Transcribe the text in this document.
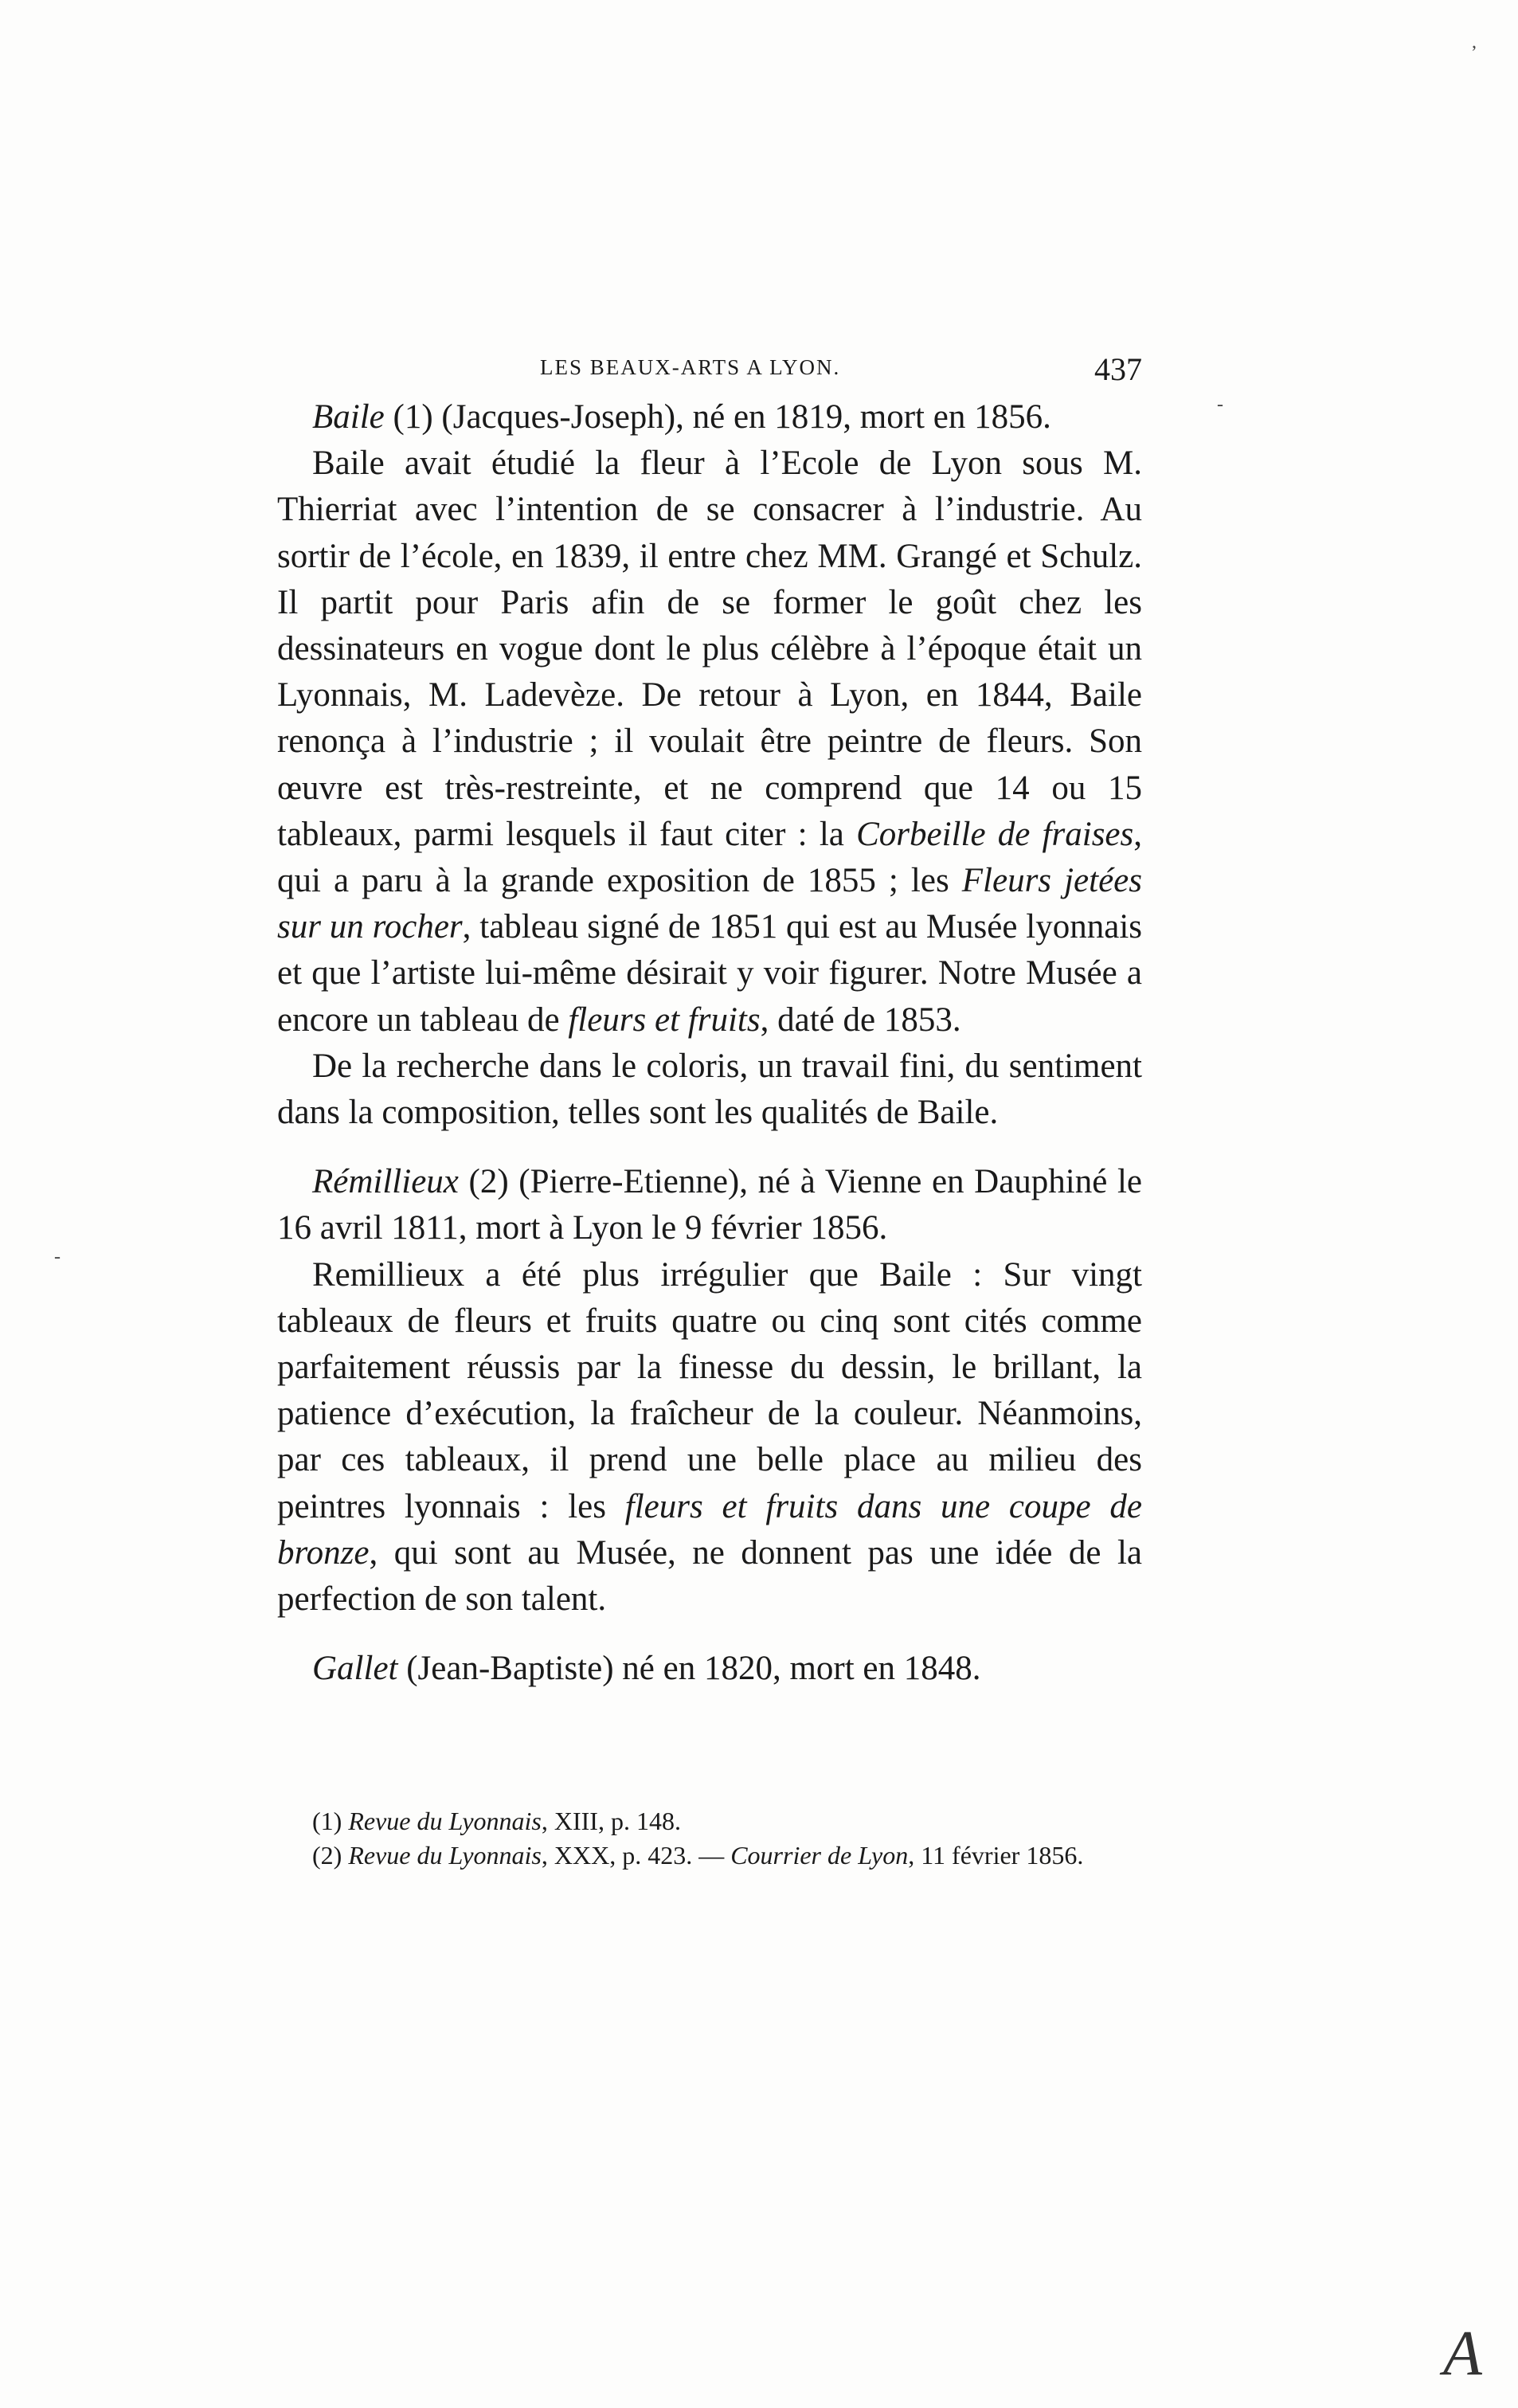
LES BEAUX-ARTS A LYON.	437

Baile (1) (Jacques-Joseph), né en 1819, mort en 1856.

Baile avait étudié la fleur à l’Ecole de Lyon sous M. Thierriat avec l’intention de se consacrer à l’industrie. Au sortir de l’école, en 1839, il entre chez MM. Grangé et Schulz. Il partit pour Paris afin de se former le goût chez les dessinateurs en vogue dont le plus célèbre à l’époque était un Lyonnais, M. Ladevèze. De retour à Lyon, en 1844, Baile renonça à l’industrie ; il voulait être peintre de fleurs. Son œuvre est très-restreinte, et ne comprend que 14 ou 15 tableaux, parmi lesquels il faut citer : la Corbeille de fraises, qui a paru à la grande exposition de 1855 ; les Fleurs jetées sur un rocher, tableau signé de 1851 qui est au Musée lyonnais et que l’artiste lui-même désirait y voir figurer. Notre Musée a encore un tableau de fleurs et fruits, daté de 1853.

De la recherche dans le coloris, un travail fini, du sentiment dans la composition, telles sont les qualités de Baile.

Rémillieux (2) (Pierre-Etienne), né à Vienne en Dauphiné le 16 avril 1811, mort à Lyon le 9 février 1856.

Remillieux a été plus irrégulier que Baile : Sur vingt tableaux de fleurs et fruits quatre ou cinq sont cités comme parfaitement réussis par la finesse du dessin, le brillant, la patience d’exécution, la fraîcheur de la couleur. Néanmoins, par ces tableaux, il prend une belle place au milieu des peintres lyonnais : les fleurs et fruits dans une coupe de bronze, qui sont au Musée, ne donnent pas une idée de la perfection de son talent.

Gallet (Jean-Baptiste) né en 1820, mort en 1848.

(1) Revue du Lyonnais, XIII, p. 148.

(2) Revue du Lyonnais, XXX, p. 423. — Courrier de Lyon, 11 février 1856.

,
-
-
A
